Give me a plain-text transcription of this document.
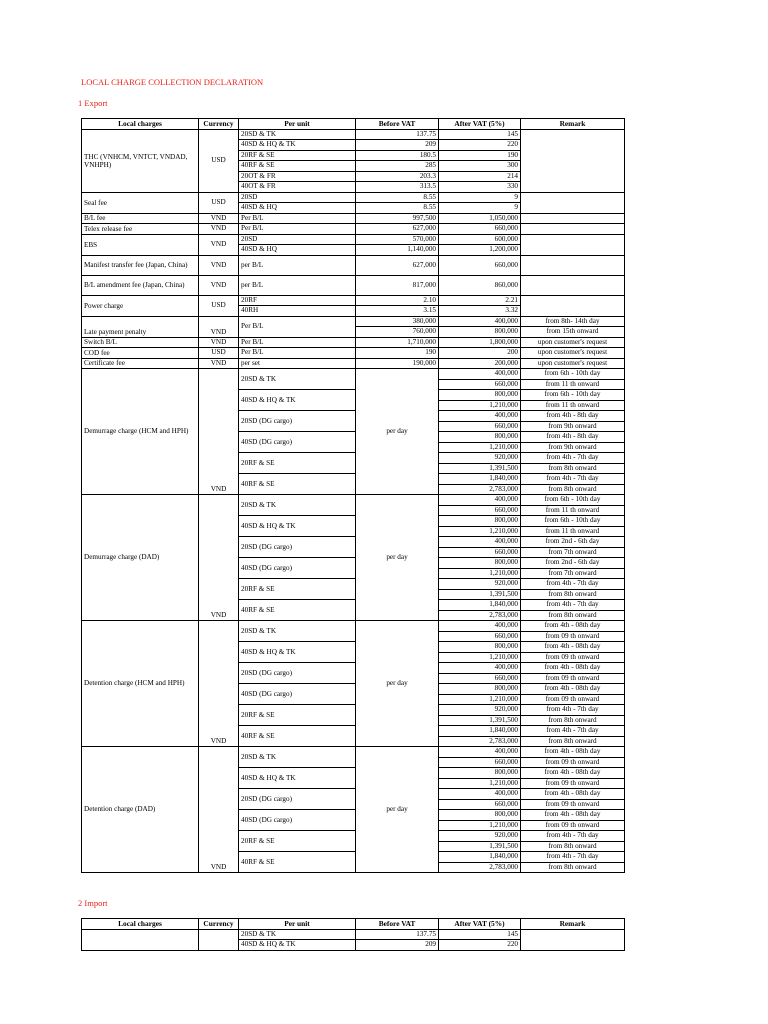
LOCAL CHARGE COLLECTION DECLARATION
1 Export
Local charges	Currency	Per unit	Before VAT	After VAT (5%)	Remark
THC (VNHCM, VNTCT, VNDAD, VNHPH)	USD	20SD & TK	137.75	145	
		40SD & HQ & TK	209	220	
		20RF & SE	180.5	190	
		40RF & SE	285	300	
		20OT & FR	203.3	214	
		40OT & FR	313.5	330	
Seal fee	USD	20SD	8.55	9	
		40SD & HQ	8.55	9	
B/L fee	VND	Per B/L	997,500	1,050,000	
Telex release fee	VND	Per B/L	627,000	660,000	
EBS	VND	20SD	570,000	600,000	
		40SD & HQ	1,140,000	1,200,000	
Manifest transfer fee (Japan, China)	VND	per B/L	627,000	660,000	
B/L amendment fee (Japan, China)	VND	per B/L	817,000	860,000	
Power charge	USD	20RF	2.10	2.21	
		40RH	3.15	3.32	
Late payment penalty	VND	Per B/L	380,000	400,000	from 8th- 14th day
			760,000	800,000	from 15th onward
Switch B/L	VND	Per B/L	1,710,000	1,800,000	upon customer's request
COD fee	USD	Per B/L	190	200	upon customer's request
Certificate fee	VND	per set	190,000	200,000	upon customer's request
Demurrage charge (HCM and HPH)	VND	20SD & TK	per day	400,000	from 6th - 10th day
				660,000	from 11 th onward
		40SD & HQ & TK		800,000	from 6th - 10th day
				1,210,000	from 11 th onward
		20SD (DG cargo)		400,000	from 4th - 8th day
				660,000	from 9th onward
		40SD (DG cargo)		800,000	from 4th - 8th day
				1,210,000	from 9th onward
		20RF & SE		920,000	from 4th - 7th day
				1,391,500	from 8th onward
		40RF & SE		1,840,000	from 4th - 7th day
				2,783,000	from 8th onward
Demurrage charge (DAD)	VND	20SD & TK	per day	400,000	from 6th - 10th day
				660,000	from 11 th onward
		40SD & HQ & TK		800,000	from 6th - 10th day
				1,210,000	from 11 th onward
		20SD (DG cargo)		400,000	from 2nd - 6th day
				660,000	from 7th onward
		40SD (DG cargo)		800,000	from 2nd - 6th day
				1,210,000	from 7th onward
		20RF & SE		920,000	from 4th - 7th day
				1,391,500	from 8th onward
		40RF & SE		1,840,000	from 4th - 7th day
				2,783,000	from 8th onward
Detention charge (HCM and HPH)	VND	20SD & TK	per day	400,000	from 4th - 08th day
				660,000	from 09 th onward
		40SD & HQ & TK		800,000	from 4th - 08th day
				1,210,000	from 09 th onward
		20SD (DG cargo)		400,000	from 4th - 08th day
				660,000	from 09 th onward
		40SD (DG cargo)		800,000	from 4th - 08th day
				1,210,000	from 09 th onward
		20RF & SE		920,000	from 4th - 7th day
				1,391,500	from 8th onward
		40RF & SE		1,840,000	from 4th - 7th day
				2,783,000	from 8th onward
Detention charge (DAD)	VND	20SD & TK	per day	400,000	from 4th - 08th day
				660,000	from 09 th onward
		40SD & HQ & TK		800,000	from 4th - 08th day
				1,210,000	from 09 th onward
		20SD (DG cargo)		400,000	from 4th - 08th day
				660,000	from 09 th onward
		40SD (DG cargo)		800,000	from 4th - 08th day
				1,210,000	from 09 th onward
		20RF & SE		920,000	from 4th - 7th day
				1,391,500	from 8th onward
		40RF & SE		1,840,000	from 4th - 7th day
				2,783,000	from 8th onward
2 Import
Local charges	Currency	Per unit	Before VAT	After VAT (5%)	Remark
		20SD & TK	137.75	145	
		40SD & HQ & TK	209	220	
